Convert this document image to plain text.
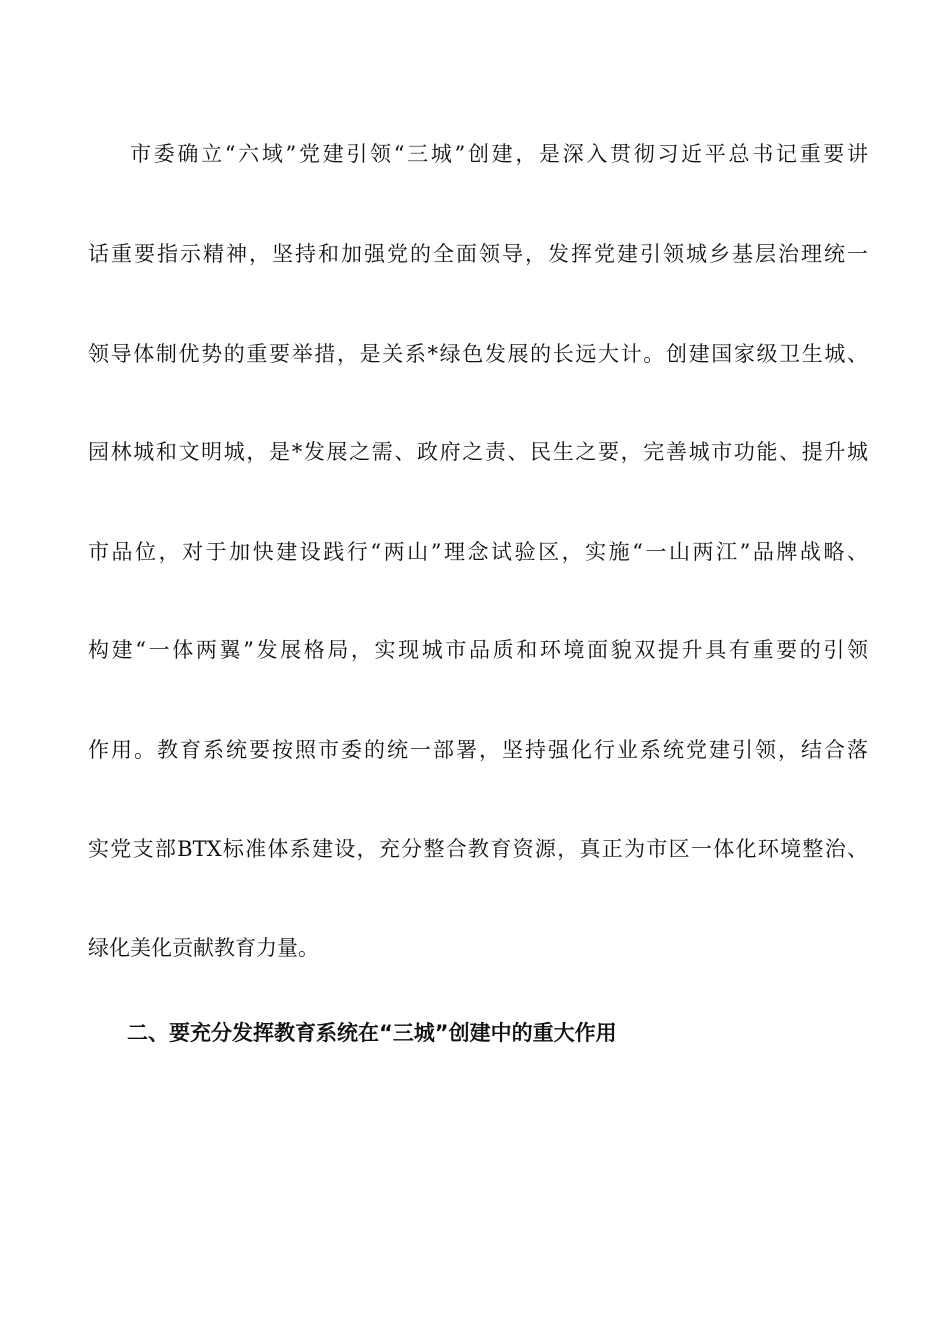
市委确立“六域”党建引领“三城”创建，是深入贯彻习近平总书记重要讲
话重要指示精神，坚持和加强党的全面领导，发挥党建引领城乡基层治理统一
领导体制优势的重要举措，是关系*绿色发展的长远大计。创建国家级卫生城、
园林城和文明城，是*发展之需、政府之责、民生之要，完善城市功能、提升城
市品位，对于加快建设践行“两山”理念试验区，实施“一山两江”品牌战略、
构建“一体两翼”发展格局，实现城市品质和环境面貌双提升具有重要的引领
作用。教育系统要按照市委的统一部署，坚持强化行业系统党建引领，结合落
实党支部BTX标准体系建设，充分整合教育资源，真正为市区一体化环境整治、
绿化美化贡献教育力量。
二、要充分发挥教育系统在“三城”创建中的重大作用
